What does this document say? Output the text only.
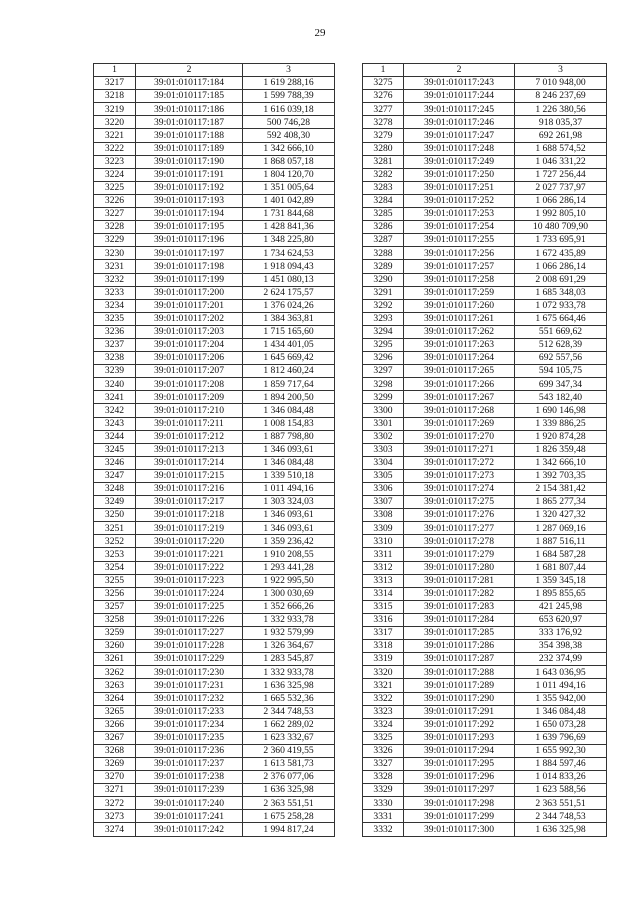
29
1	2	3
3217	39:01:010117:184	1 619 288,16
3218	39:01:010117:185	1 599 788,39
3219	39:01:010117:186	1 616 039,18
3220	39:01:010117:187	500 746,28
3221	39:01:010117:188	592 408,30
3222	39:01:010117:189	1 342 666,10
3223	39:01:010117:190	1 868 057,18
3224	39:01:010117:191	1 804 120,70
3225	39:01:010117:192	1 351 005,64
3226	39:01:010117:193	1 401 042,89
3227	39:01:010117:194	1 731 844,68
3228	39:01:010117:195	1 428 841,36
3229	39:01:010117:196	1 348 225,80
3230	39:01:010117:197	1 734 624,53
3231	39:01:010117:198	1 918 094,43
3232	39:01:010117:199	1 451 080,13
3233	39:01:010117:200	2 624 175,57
3234	39:01:010117:201	1 376 024,26
3235	39:01:010117:202	1 384 363,81
3236	39:01:010117:203	1 715 165,60
3237	39:01:010117:204	1 434 401,05
3238	39:01:010117:206	1 645 669,42
3239	39:01:010117:207	1 812 460,24
3240	39:01:010117:208	1 859 717,64
3241	39:01:010117:209	1 894 200,50
3242	39:01:010117:210	1 346 084,48
3243	39:01:010117:211	1 008 154,83
3244	39:01:010117:212	1 887 798,80
3245	39:01:010117:213	1 346 093,61
3246	39:01:010117:214	1 346 084,48
3247	39:01:010117:215	1 339 510,18
3248	39:01:010117:216	1 011 494,16
3249	39:01:010117:217	1 303 324,03
3250	39:01:010117:218	1 346 093,61
3251	39:01:010117:219	1 346 093,61
3252	39:01:010117:220	1 359 236,42
3253	39:01:010117:221	1 910 208,55
3254	39:01:010117:222	1 293 441,28
3255	39:01:010117:223	1 922 995,50
3256	39:01:010117:224	1 300 030,69
3257	39:01:010117:225	1 352 666,26
3258	39:01:010117:226	1 332 933,78
3259	39:01:010117:227	1 932 579,99
3260	39:01:010117:228	1 326 364,67
3261	39:01:010117:229	1 283 545,87
3262	39:01:010117:230	1 332 933,78
3263	39:01:010117:231	1 636 325,98
3264	39:01:010117:232	1 665 532,36
3265	39:01:010117:233	2 344 748,53
3266	39:01:010117:234	1 662 289,02
3267	39:01:010117:235	1 623 332,67
3268	39:01:010117:236	2 360 419,55
3269	39:01:010117:237	1 613 581,73
3270	39:01:010117:238	2 376 077,06
3271	39:01:010117:239	1 636 325,98
3272	39:01:010117:240	2 363 551,51
3273	39:01:010117:241	1 675 258,28
3274	39:01:010117:242	1 994 817,24
1	2	3
3275	39:01:010117:243	7 010 948,00
3276	39:01:010117:244	8 246 237,69
3277	39:01:010117:245	1 226 380,56
3278	39:01:010117:246	918 035,37
3279	39:01:010117:247	692 261,98
3280	39:01:010117:248	1 688 574,52
3281	39:01:010117:249	1 046 331,22
3282	39:01:010117:250	1 727 256,44
3283	39:01:010117:251	2 027 737,97
3284	39:01:010117:252	1 066 286,14
3285	39:01:010117:253	1 992 805,10
3286	39:01:010117:254	10 480 709,90
3287	39:01:010117:255	1 733 695,91
3288	39:01:010117:256	1 672 435,89
3289	39:01:010117:257	1 066 286,14
3290	39:01:010117:258	2 008 691,29
3291	39:01:010117:259	1 685 348,03
3292	39:01:010117:260	1 072 933,78
3293	39:01:010117:261	1 675 664,46
3294	39:01:010117:262	551 669,62
3295	39:01:010117:263	512 628,39
3296	39:01:010117:264	692 557,56
3297	39:01:010117:265	594 105,75
3298	39:01:010117:266	699 347,34
3299	39:01:010117:267	543 182,40
3300	39:01:010117:268	1 690 146,98
3301	39:01:010117:269	1 339 886,25
3302	39:01:010117:270	1 920 874,28
3303	39:01:010117:271	1 826 359,48
3304	39:01:010117:272	1 342 666,10
3305	39:01:010117:273	1 392 703,35
3306	39:01:010117:274	2 154 381,42
3307	39:01:010117:275	1 865 277,34
3308	39:01:010117:276	1 320 427,32
3309	39:01:010117:277	1 287 069,16
3310	39:01:010117:278	1 887 516,11
3311	39:01:010117:279	1 684 587,28
3312	39:01:010117:280	1 681 807,44
3313	39:01:010117:281	1 359 345,18
3314	39:01:010117:282	1 895 855,65
3315	39:01:010117:283	421 245,98
3316	39:01:010117:284	653 620,97
3317	39:01:010117:285	333 176,92
3318	39:01:010117:286	354 398,38
3319	39:01:010117:287	232 374,99
3320	39:01:010117:288	1 643 036,95
3321	39:01:010117:289	1 011 494,16
3322	39:01:010117:290	1 355 942,00
3323	39:01:010117:291	1 346 084,48
3324	39:01:010117:292	1 650 073,28
3325	39:01:010117:293	1 639 796,69
3326	39:01:010117:294	1 655 992,30
3327	39:01:010117:295	1 884 597,46
3328	39:01:010117:296	1 014 833,26
3329	39:01:010117:297	1 623 588,56
3330	39:01:010117:298	2 363 551,51
3331	39:01:010117:299	2 344 748,53
3332	39:01:010117:300	1 636 325,98
